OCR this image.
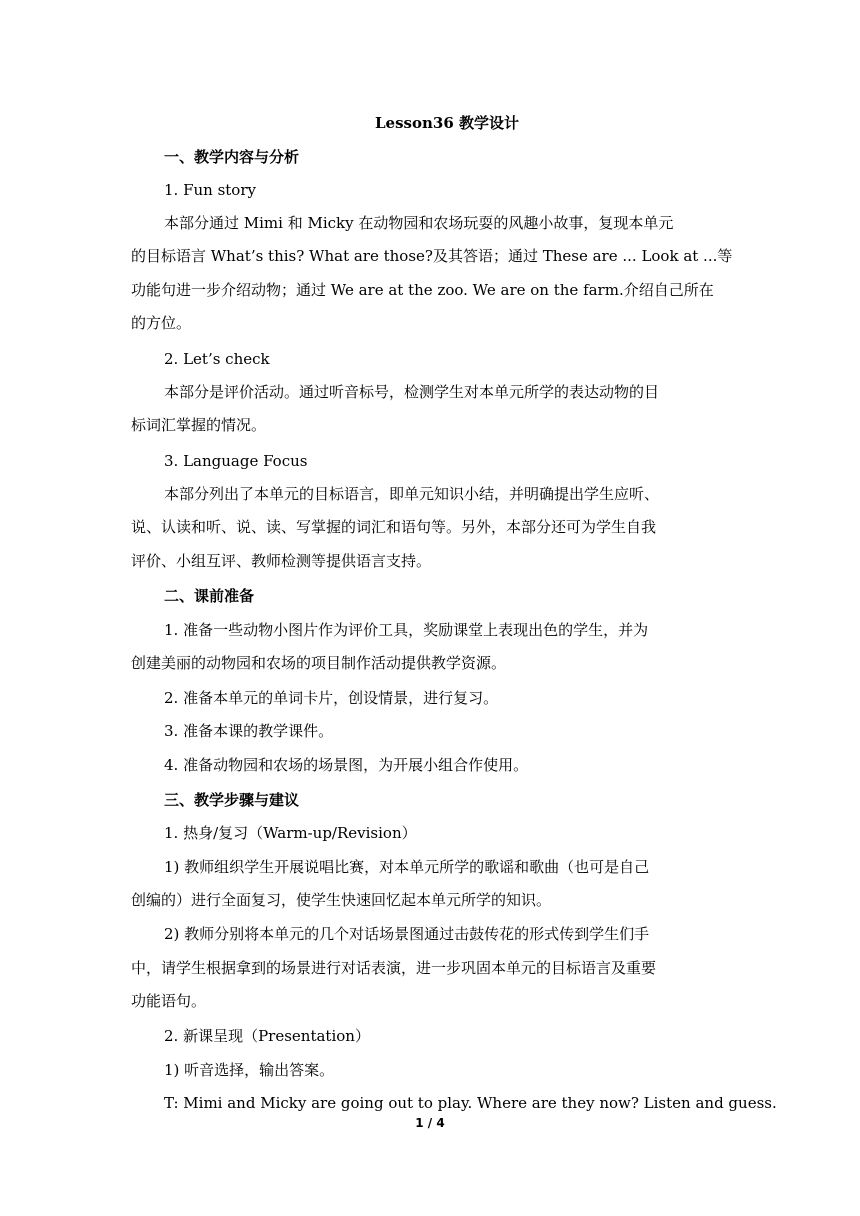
Lesson36 教学设计

一、教学内容与分析

1. Fun story

本部分通过 Mimi 和 Micky 在动物园和农场玩耍的风趣小故事，复现本单元

的目标语言 What’s this? What are those?及其答语；通过 These are ... Look at ...等

功能句进一步介绍动物；通过 We are at the zoo. We are on the farm.介绍自己所在

的方位。

2. Let’s check

本部分是评价活动。通过听音标号，检测学生对本单元所学的表达动物的目

标词汇掌握的情况。

3. Language Focus

本部分列出了本单元的目标语言，即单元知识小结，并明确提出学生应听、

说、认读和听、说、读、写掌握的词汇和语句等。另外，本部分还可为学生自我

评价、小组互评、教师检测等提供语言支持。

二、课前准备

1. 准备一些动物小图片作为评价工具，奖励课堂上表现出色的学生，并为

创建美丽的动物园和农场的项目制作活动提供教学资源。

2. 准备本单元的单词卡片，创设情景，进行复习。

3. 准备本课的教学课件。

4. 准备动物园和农场的场景图，为开展小组合作使用。

三、教学步骤与建议

1. 热身/复习（Warm-up/Revision）

1) 教师组织学生开展说唱比赛，对本单元所学的歌谣和歌曲（也可是自己

创编的）进行全面复习，使学生快速回忆起本单元所学的知识。

2) 教师分别将本单元的几个对话场景图通过击鼓传花的形式传到学生们手

中，请学生根据拿到的场景进行对话表演，进一步巩固本单元的目标语言及重要

功能语句。

2. 新课呈现（Presentation）

1) 听音选择，输出答案。

T: Mimi and Micky are going out to play. Where are they now? Listen and guess.

1 / 4
